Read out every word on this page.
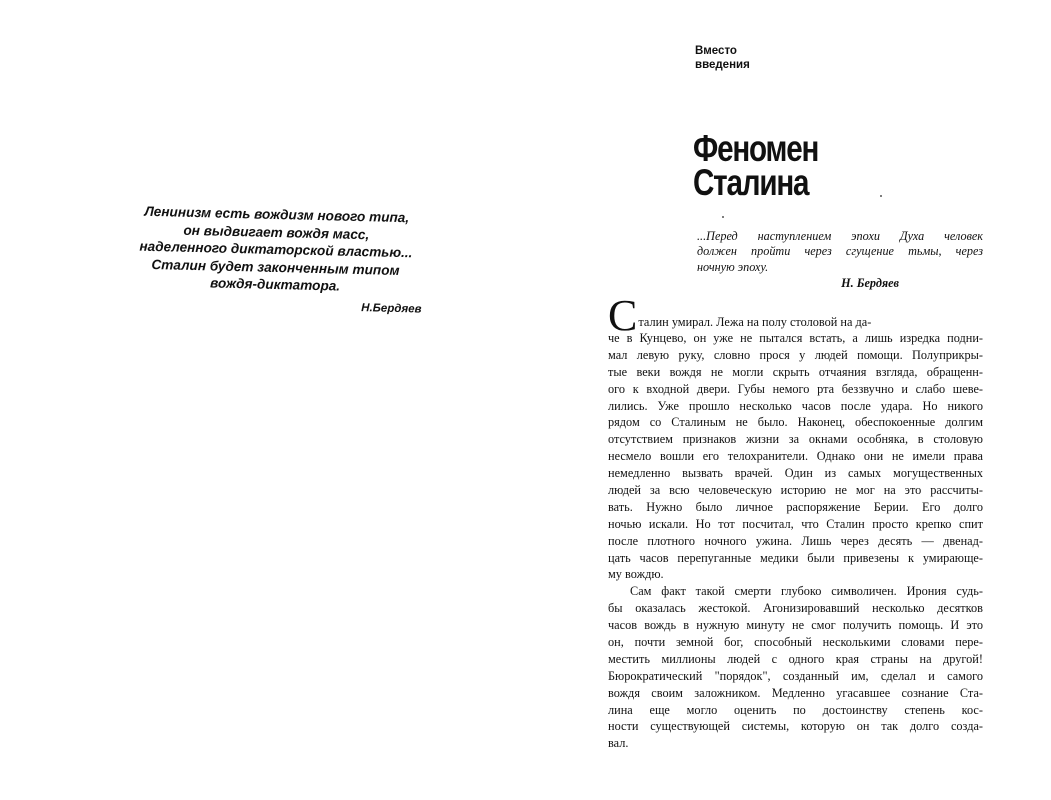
Ленинизм есть вождизм нового типа,
он выдвигает вождя масс,
наделенного диктаторской властью...
Сталин будет законченным типом
вождя-диктатора.
Н.Бердяев
Вместо
введения
Феномен
Сталина
...Перед наступлением эпохи Духа человек
должен пройти через сгущение тьмы, через
ночную эпоху.
Н. Бердяев
Сталин умирал. Лежа на полу столовой на да-
че в Кунцево, он уже не пытался встать, а лишь изредка подни-
мал левую руку, словно прося у людей помощи. Полуприкры-
тые веки вождя не могли скрыть отчаяния взгляда, обращенн-
ого к входной двери. Губы немого рта беззвучно и слабо шеве-
лились. Уже прошло несколько часов после удара. Но никого
рядом со Сталиным не было. Наконец, обеспокоенные долгим
отсутствием признаков жизни за окнами особняка, в столовую
несмело вошли его телохранители. Однако они не имели права
немедленно вызвать врачей. Один из самых могущественных
людей за всю человеческую историю не мог на это рассчиты-
вать. Нужно было личное распоряжение Берии. Его долго
ночью искали. Но тот посчитал, что Сталин просто крепко спит
после плотного ночного ужина. Лишь через десять — двенад-
цать часов перепуганные медики были привезены к умирающе-
му вождю.
Сам факт такой смерти глубоко символичен. Ирония судь-
бы оказалась жестокой. Агонизировавший несколько десятков
часов вождь в нужную минуту не смог получить помощь. И это
он, почти земной бог, способный несколькими словами пере-
местить миллионы людей с одного края страны на другой!
Бюрократический "порядок", созданный им, сделал и самого
вождя своим заложником. Медленно угасавшее сознание Ста-
лина еще могло оценить по достоинству степень кос-
ности существующей системы, которую он так долго созда-
вал.
